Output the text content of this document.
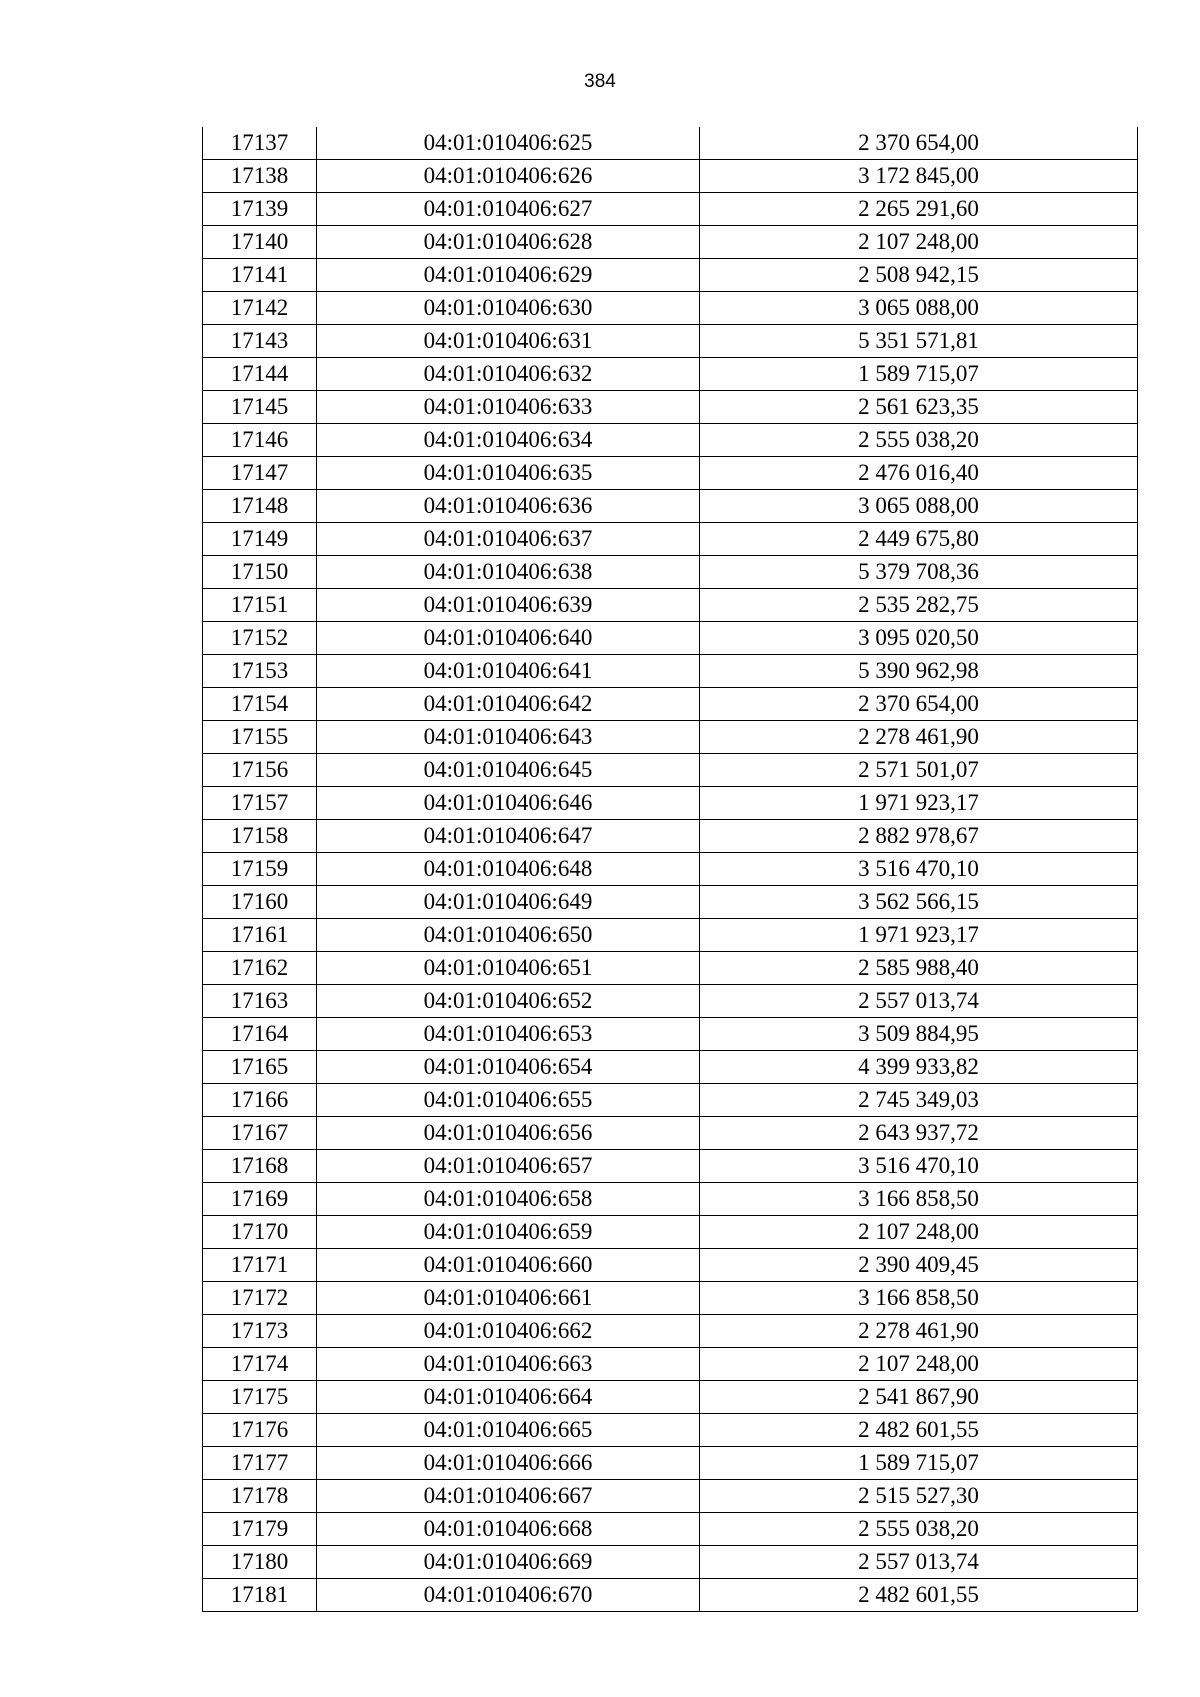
384
17137	04:01:010406:625	2 370 654,00
17138	04:01:010406:626	3 172 845,00
17139	04:01:010406:627	2 265 291,60
17140	04:01:010406:628	2 107 248,00
17141	04:01:010406:629	2 508 942,15
17142	04:01:010406:630	3 065 088,00
17143	04:01:010406:631	5 351 571,81
17144	04:01:010406:632	1 589 715,07
17145	04:01:010406:633	2 561 623,35
17146	04:01:010406:634	2 555 038,20
17147	04:01:010406:635	2 476 016,40
17148	04:01:010406:636	3 065 088,00
17149	04:01:010406:637	2 449 675,80
17150	04:01:010406:638	5 379 708,36
17151	04:01:010406:639	2 535 282,75
17152	04:01:010406:640	3 095 020,50
17153	04:01:010406:641	5 390 962,98
17154	04:01:010406:642	2 370 654,00
17155	04:01:010406:643	2 278 461,90
17156	04:01:010406:645	2 571 501,07
17157	04:01:010406:646	1 971 923,17
17158	04:01:010406:647	2 882 978,67
17159	04:01:010406:648	3 516 470,10
17160	04:01:010406:649	3 562 566,15
17161	04:01:010406:650	1 971 923,17
17162	04:01:010406:651	2 585 988,40
17163	04:01:010406:652	2 557 013,74
17164	04:01:010406:653	3 509 884,95
17165	04:01:010406:654	4 399 933,82
17166	04:01:010406:655	2 745 349,03
17167	04:01:010406:656	2 643 937,72
17168	04:01:010406:657	3 516 470,10
17169	04:01:010406:658	3 166 858,50
17170	04:01:010406:659	2 107 248,00
17171	04:01:010406:660	2 390 409,45
17172	04:01:010406:661	3 166 858,50
17173	04:01:010406:662	2 278 461,90
17174	04:01:010406:663	2 107 248,00
17175	04:01:010406:664	2 541 867,90
17176	04:01:010406:665	2 482 601,55
17177	04:01:010406:666	1 589 715,07
17178	04:01:010406:667	2 515 527,30
17179	04:01:010406:668	2 555 038,20
17180	04:01:010406:669	2 557 013,74
17181	04:01:010406:670	2 482 601,55
